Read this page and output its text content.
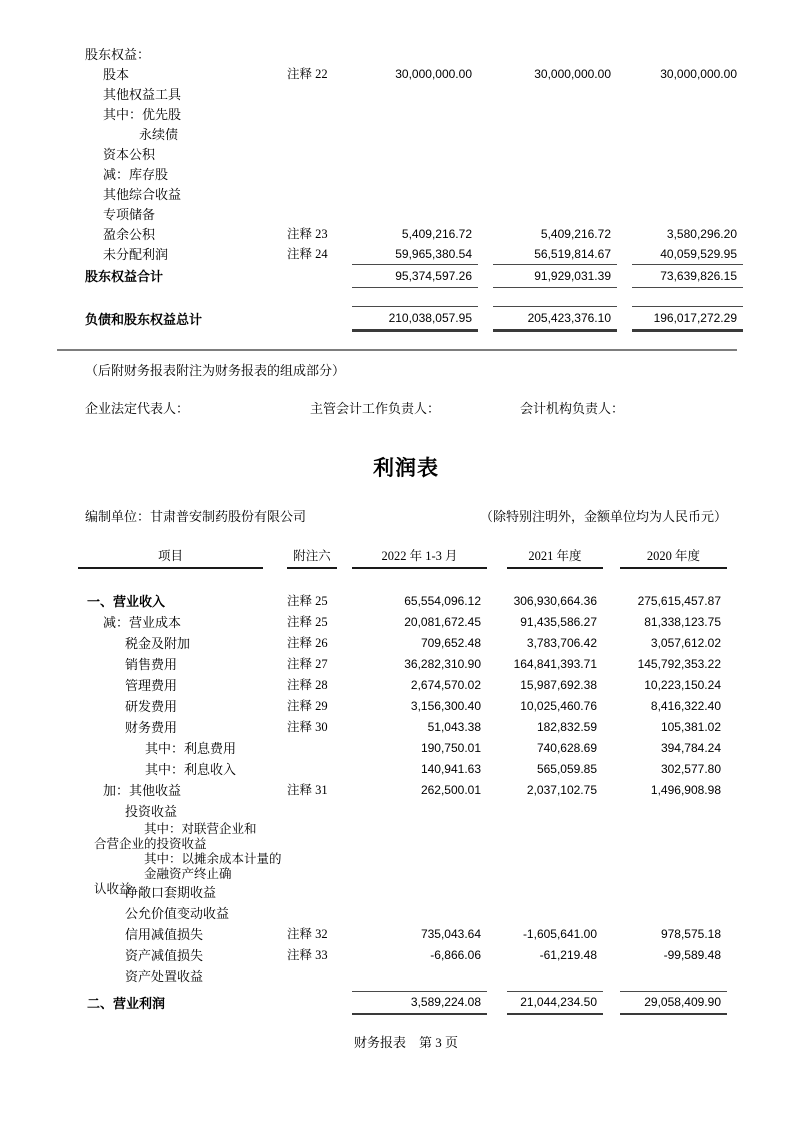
股东权益：
股本	注释 22	30,000,000.00	30,000,000.00	30,000,000.00
其他权益工具
其中：优先股
永续债
资本公积
减：库存股
其他综合收益
专项储备
盈余公积	注释 23	5,409,216.72	5,409,216.72	3,580,296.20
未分配利润	注释 24	59,965,380.54	56,519,814.67	40,059,529.95
股东权益合计	95,374,597.26	91,929,031.39	73,639,826.15
负债和股东权益总计	210,038,057.95	205,423,376.10	196,017,272.29
（后附财务报表附注为财务报表的组成部分）
企业法定代表人：	主管会计工作负责人：	会计机构负责人：
利润表
编制单位：甘肃普安制药股份有限公司	（除特别注明外，金额单位均为人民币元）
项目	附注六	2022 年 1-3 月	2021 年度	2020 年度
一、营业收入	注释 25	65,554,096.12	306,930,664.36	275,615,457.87
减：营业成本	注释 25	20,081,672.45	91,435,586.27	81,338,123.75
税金及附加	注释 26	709,652.48	3,783,706.42	3,057,612.02
销售费用	注释 27	36,282,310.90	164,841,393.71	145,792,353.22
管理费用	注释 28	2,674,570.02	15,987,692.38	10,223,150.24
研发费用	注释 29	3,156,300.40	10,025,460.76	8,416,322.40
财务费用	注释 30	51,043.38	182,832.59	105,381.02
其中：利息费用	190,750.01	740,628.69	394,784.24
其中：利息收入	140,941.63	565,059.85	302,577.80
加：其他收益	注释 31	262,500.01	2,037,102.75	1,496,908.98
投资收益
其中：对联营企业和
合营企业的投资收益
其中：以摊余成本计量的金融资产终止确
认收益
净敞口套期收益
公允价值变动收益
信用减值损失	注释 32	735,043.64	-1,605,641.00	978,575.18
资产减值损失	注释 33	-6,866.06	-61,219.48	-99,589.48
资产处置收益
二、营业利润	3,589,224.08	21,044,234.50	29,058,409.90
财务报表　第 3 页
